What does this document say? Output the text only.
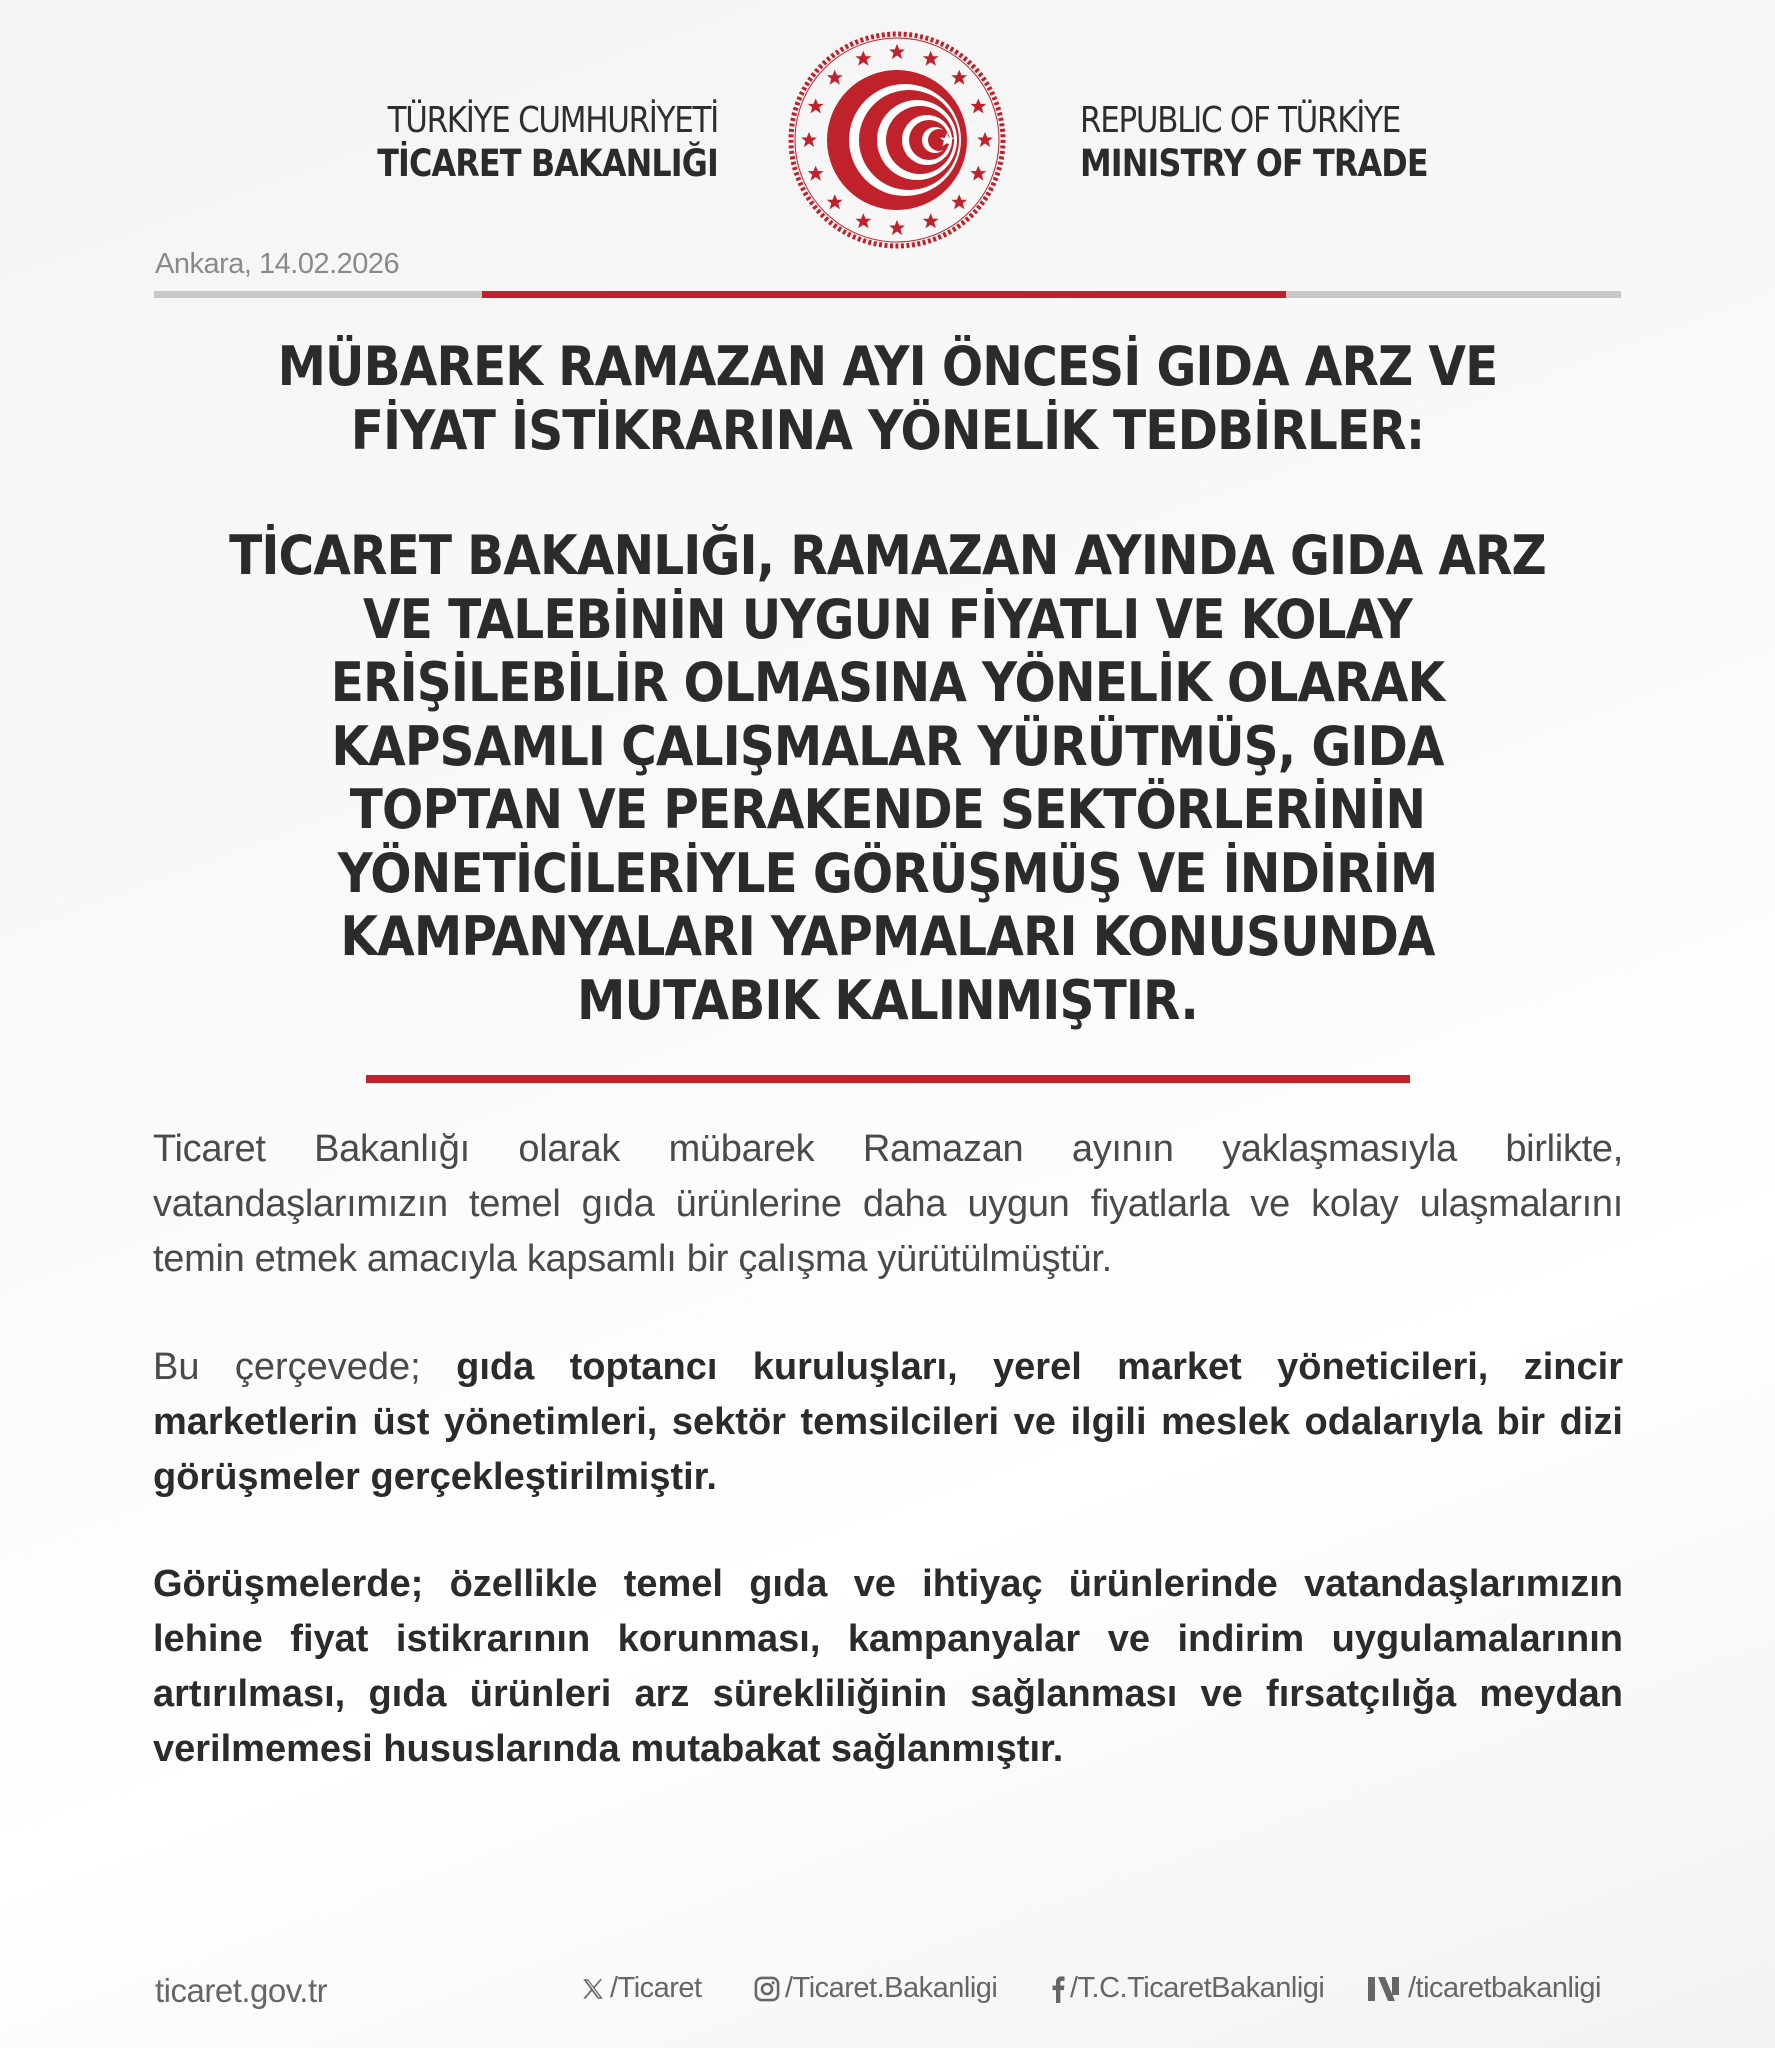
TÜRKİYE CUMHURİYETİ
TİCARET BAKANLIĞI
REPUBLIC OF TÜRKİYE
MINISTRY OF TRADE
Ankara, 14.02.2026
MÜBAREK RAMAZAN AYI ÖNCESİ GIDA ARZ VE
FİYAT İSTİKRARINA YÖNELİK TEDBİRLER:
TİCARET BAKANLIĞI, RAMAZAN AYINDA GIDA ARZ
VE TALEBİNİN UYGUN FİYATLI VE KOLAY
ERİŞİLEBİLİR OLMASINA YÖNELİK OLARAK
KAPSAMLI ÇALIŞMALAR YÜRÜTMÜŞ, GIDA
TOPTAN VE PERAKENDE SEKTÖRLERİNİN
YÖNETİCİLERİYLE GÖRÜŞMÜŞ VE İNDİRİM
KAMPANYALARI YAPMALARI KONUSUNDA
MUTABIK KALINMIŞTIR.

Ticaret Bakanlığı olarak mübarek Ramazan ayının yaklaşmasıyla birlikte, vatandaşlarımızın temel gıda ürünlerine daha uygun fiyatlarla ve kolay ulaşmalarını temin etmek amacıyla kapsamlı bir çalışma yürütülmüştür.

Bu çerçevede; gıda toptancı kuruluşları, yerel market yöneticileri, zincir marketlerin üst yönetimleri, sektör temsilcileri ve ilgili meslek odalarıyla bir dizi görüşmeler gerçekleştirilmiştir.

Görüşmelerde; özellikle temel gıda ve ihtiyaç ürünlerinde vatandaşlarımızın lehine fiyat istikrarının korunması, kampanyalar ve indirim uygulamalarının artırılması, gıda ürünleri arz sürekliliğinin sağlanması ve fırsatçılığa meydan verilmemesi hususlarında mutabakat sağlanmıştır.

ticaret.gov.tr	/Ticaret	/Ticaret.Bakanligi	/T.C.TicaretBakanligi	/ticaretbakanligi
